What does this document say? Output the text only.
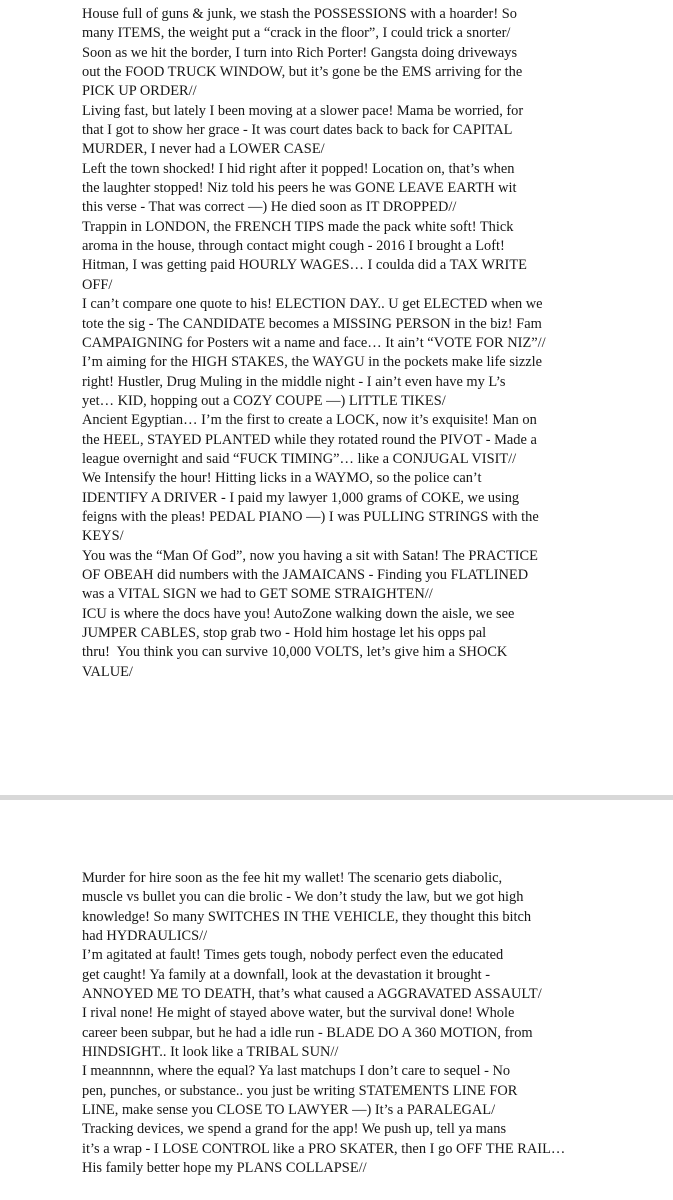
House full of guns & junk, we stash the POSSESSIONS with a hoarder! So

many ITEMS, the weight put a “crack in the floor”, I could trick a snorter/

Soon as we hit the border, I turn into Rich Porter! Gangsta doing driveways

out the FOOD TRUCK WINDOW, but it’s gone be the EMS arriving for the

PICK UP ORDER//

Living fast, but lately I been moving at a slower pace! Mama be worried, for

that I got to show her grace - It was court dates back to back for CAPITAL

MURDER, I never had a LOWER CASE/

Left the town shocked! I hid right after it popped! Location on, that’s when

the laughter stopped! Niz told his peers he was GONE LEAVE EARTH wit

this verse - That was correct —) He died soon as IT DROPPED//

Trappin in LONDON, the FRENCH TIPS made the pack white soft! Thick

aroma in the house, through contact might cough - 2016 I brought a Loft!

Hitman, I was getting paid HOURLY WAGES… I coulda did a TAX WRITE

OFF/

I can’t compare one quote to his! ELECTION DAY.. U get ELECTED when we

tote the sig - The CANDIDATE becomes a MISSING PERSON in the biz! Fam

CAMPAIGNING for Posters wit a name and face… It ain’t “VOTE FOR NIZ”//

I’m aiming for the HIGH STAKES, the WAYGU in the pockets make life sizzle

right! Hustler, Drug Muling in the middle night - I ain’t even have my L’s

yet… KID, hopping out a COZY COUPE —) LITTLE TIKES/

Ancient Egyptian… I’m the first to create a LOCK, now it’s exquisite! Man on

the HEEL, STAYED PLANTED while they rotated round the PIVOT - Made a

league overnight and said “FUCK TIMING”… like a CONJUGAL VISIT//

We Intensify the hour! Hitting licks in a WAYMO, so the police can’t

IDENTIFY A DRIVER - I paid my lawyer 1,000 grams of COKE, we using

feigns with the pleas! PEDAL PIANO —) I was PULLING STRINGS with the

KEYS/

You was the “Man Of God”, now you having a sit with Satan! The PRACTICE

OF OBEAH did numbers with the JAMAICANS - Finding you FLATLINED

was a VITAL SIGN we had to GET SOME STRAIGHTEN//

ICU is where the docs have you! AutoZone walking down the aisle, we see

JUMPER CABLES, stop grab two - Hold him hostage let his opps pal

thru!  You think you can survive 10,000 VOLTS, let’s give him a SHOCK

VALUE/

Murder for hire soon as the fee hit my wallet! The scenario gets diabolic,

muscle vs bullet you can die brolic - We don’t study the law, but we got high

knowledge! So many SWITCHES IN THE VEHICLE, they thought this bitch

had HYDRAULICS//

I’m agitated at fault! Times gets tough, nobody perfect even the educated

get caught! Ya family at a downfall, look at the devastation it brought -

ANNOYED ME TO DEATH, that’s what caused a AGGRAVATED ASSAULT/

I rival none! He might of stayed above water, but the survival done! Whole

career been subpar, but he had a idle run - BLADE DO A 360 MOTION, from

HINDSIGHT.. It look like a TRIBAL SUN//

I meannnnn, where the equal? Ya last matchups I don’t care to sequel - No

pen, punches, or substance.. you just be writing STATEMENTS LINE FOR

LINE, make sense you CLOSE TO LAWYER —) It’s a PARALEGAL/

Tracking devices, we spend a grand for the app! We push up, tell ya mans

it’s a wrap - I LOSE CONTROL like a PRO SKATER, then I go OFF THE RAIL…

His family better hope my PLANS COLLAPSE//
